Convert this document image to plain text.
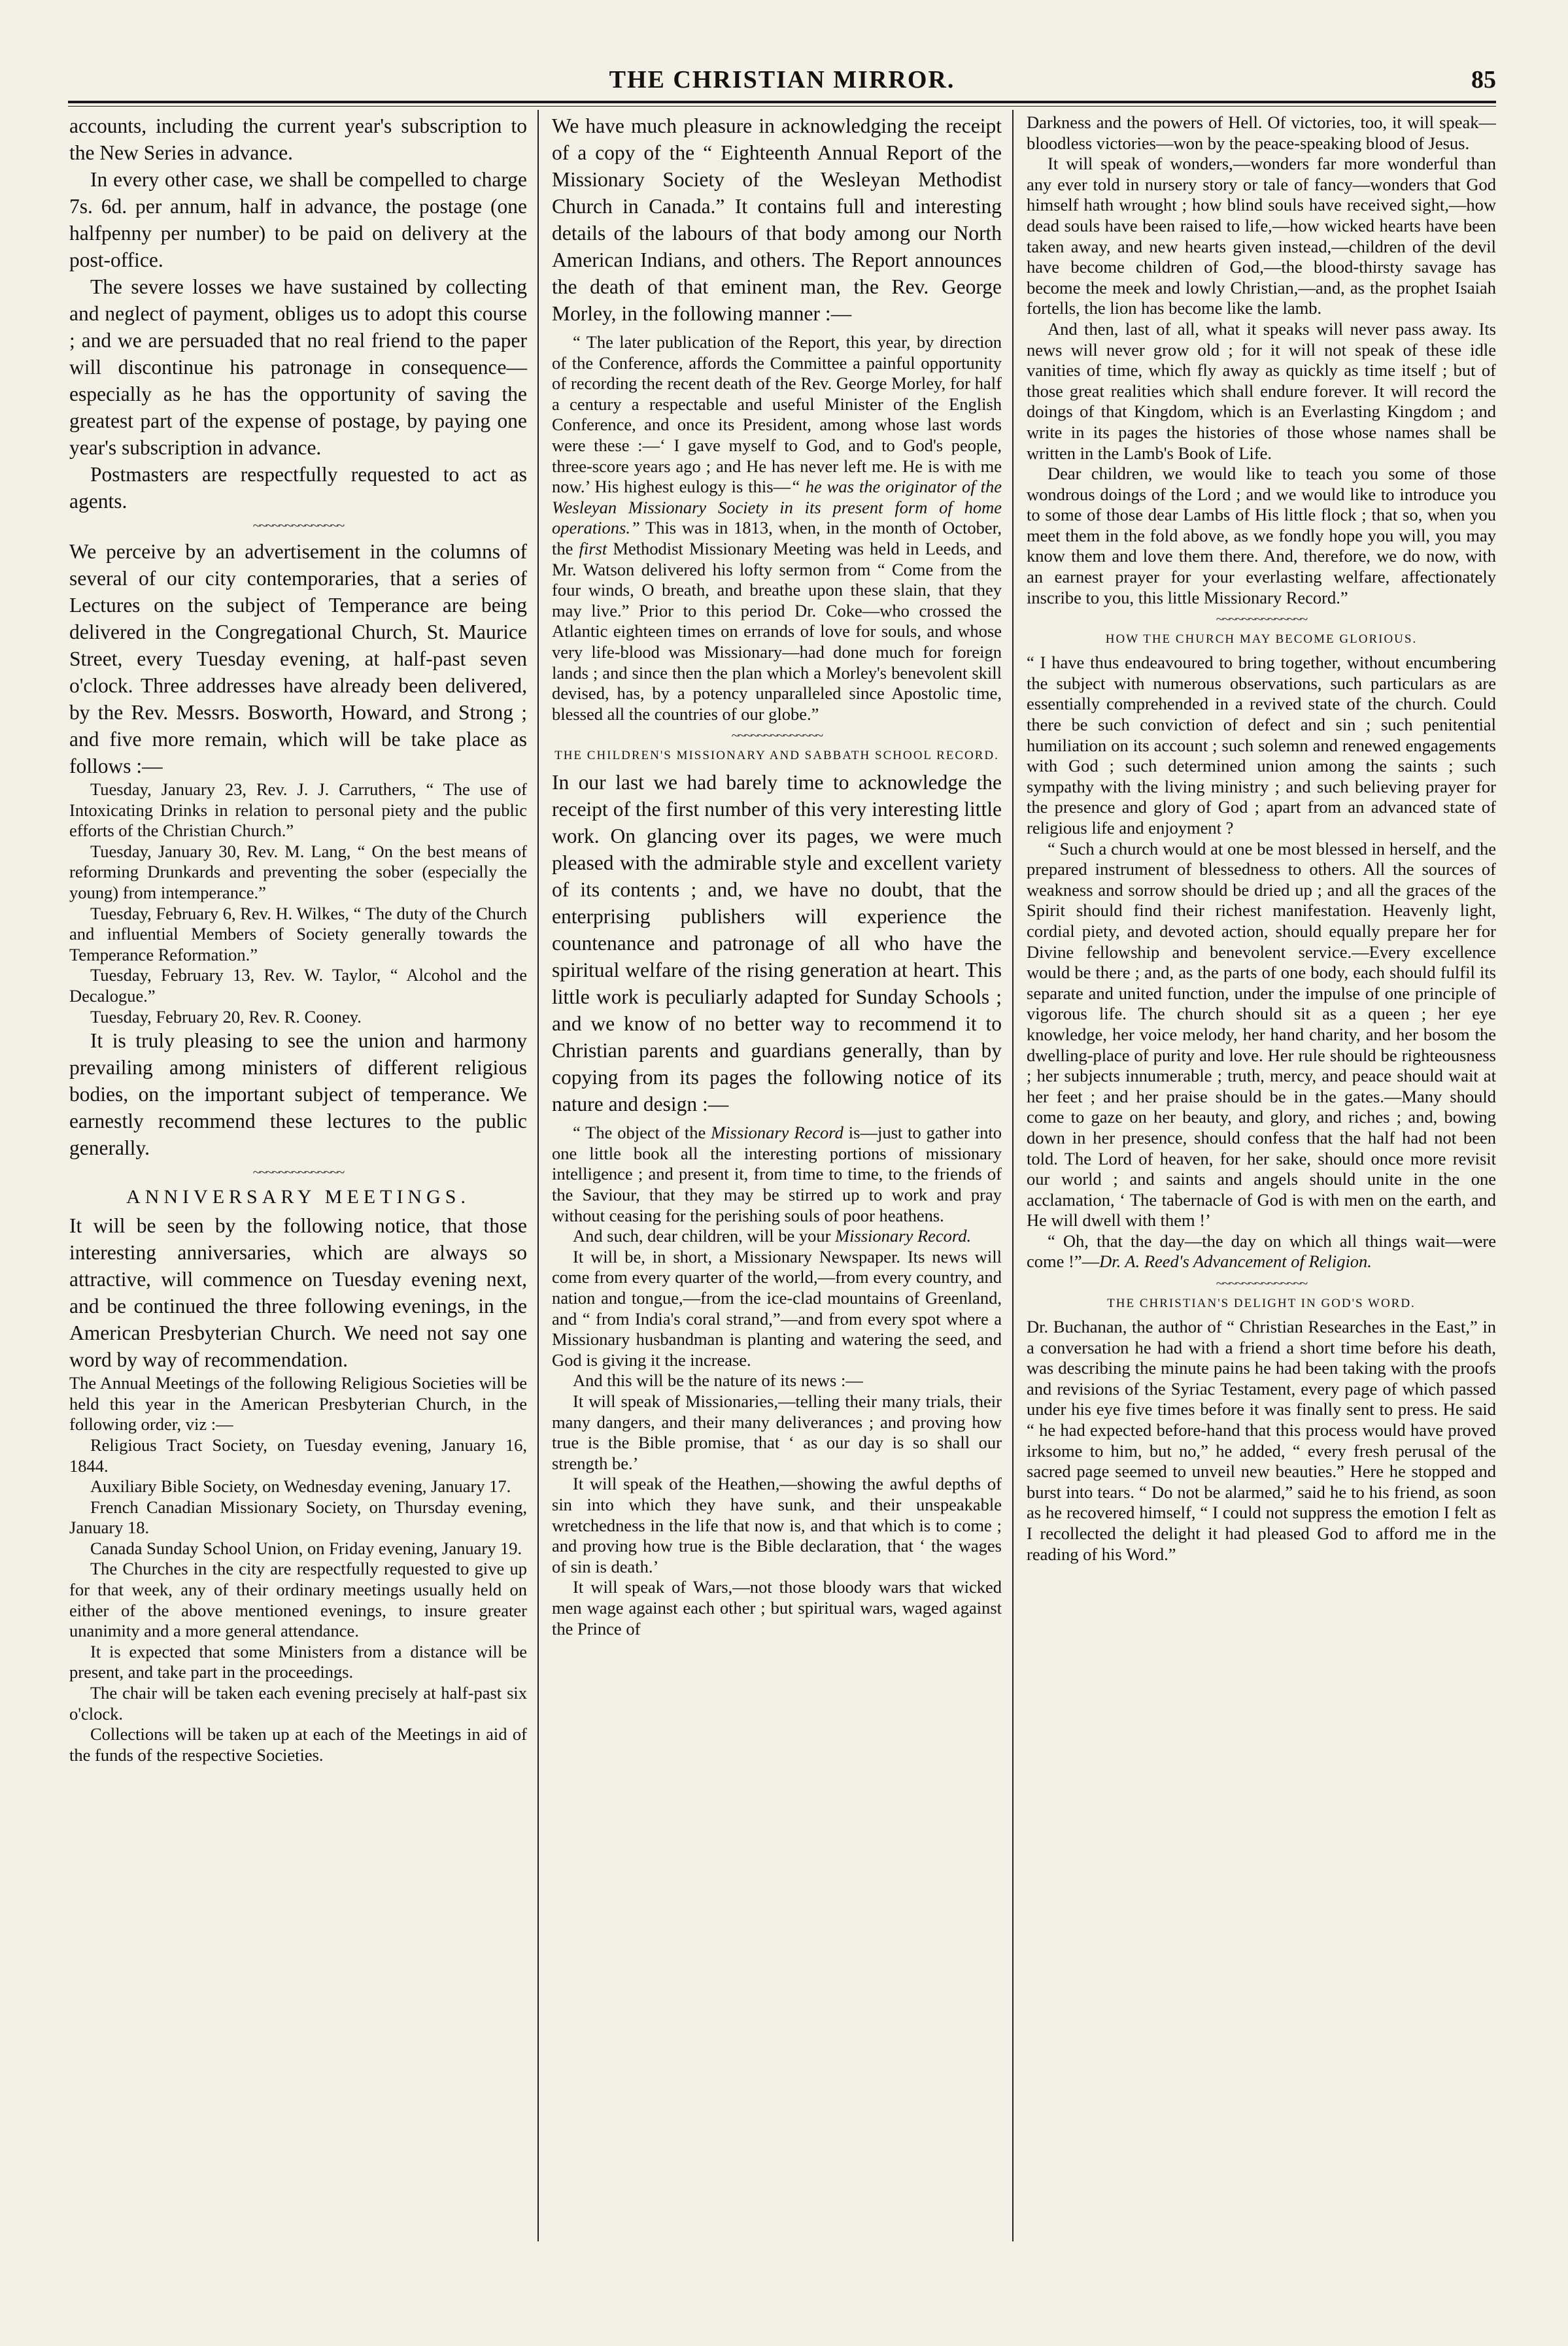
THE CHRISTIAN MIRROR.	85

accounts, including the current year's subscription to the New Series in advance.

In every other case, we shall be compelled to charge 7s. 6d. per annum, half in advance, the postage (one halfpenny per number) to be paid on delivery at the post-office.

The severe losses we have sustained by collecting and neglect of payment, obliges us to adopt this course ; and we are persuaded that no real friend to the paper will discontinue his patronage in consequence—especially as he has the opportunity of saving the greatest part of the expense of postage, by paying one year's subscription in advance.

Postmasters are respectfully requested to act as agents.

~~~~~~~~~~~~~~

We perceive by an advertisement in the columns of several of our city contemporaries, that a series of Lectures on the subject of Temperance are being delivered in the Congregational Church, St. Maurice Street, every Tuesday evening, at half-past seven o'clock. Three addresses have already been delivered, by the Rev. Messrs. Bosworth, Howard, and Strong ; and five more remain, which will be take place as follows :—

Tuesday, January 23, Rev. J. J. Carruthers, “ The use of Intoxicating Drinks in relation to personal piety and the public efforts of the Christian Church.”

Tuesday, January 30, Rev. M. Lang, “ On the best means of reforming Drunkards and preventing the sober (especially the young) from intemperance.”

Tuesday, February 6, Rev. H. Wilkes, “ The duty of the Church and influential Members of Society generally towards the Temperance Reformation.”

Tuesday, February 13, Rev. W. Taylor, “ Alcohol and the Decalogue.”

Tuesday, February 20, Rev. R. Cooney.

It is truly pleasing to see the union and harmony prevailing among ministers of different religious bodies, on the important subject of temperance. We earnestly recommend these lectures to the public generally.

~~~~~~~~~~~~~~
ANNIVERSARY MEETINGS.

It will be seen by the following notice, that those interesting anniversaries, which are always so attractive, will commence on Tuesday evening next, and be continued the three following evenings, in the American Presbyterian Church. We need not say one word by way of recommendation.

The Annual Meetings of the following Religious Societies will be held this year in the American Presbyterian Church, in the following order, viz :—

Religious Tract Society, on Tuesday evening, January 16, 1844.

Auxiliary Bible Society, on Wednesday evening, January 17.

French Canadian Missionary Society, on Thursday evening, January 18.

Canada Sunday School Union, on Friday evening, January 19.

The Churches in the city are respectfully requested to give up for that week, any of their ordinary meetings usually held on either of the above mentioned evenings, to insure greater unanimity and a more general attendance.

It is expected that some Ministers from a distance will be present, and take part in the proceedings.

The chair will be taken each evening precisely at half-past six o'clock.

Collections will be taken up at each of the Meetings in aid of the funds of the respective Societies.

We have much pleasure in acknowledging the receipt of a copy of the “ Eighteenth Annual Report of the Missionary Society of the Wesleyan Methodist Church in Canada.” It contains full and interesting details of the labours of that body among our North American Indians, and others. The Report announces the death of that eminent man, the Rev. George Morley, in the following manner :—

“ The later publication of the Report, this year, by direction of the Conference, affords the Committee a painful opportunity of recording the recent death of the Rev. George Morley, for half a century a respectable and useful Minister of the English Conference, and once its President, among whose last words were these :—‘ I gave myself to God, and to God's people, three-score years ago ; and He has never left me. He is with me now.’ His highest eulogy is this—“ he was the originator of the Wesleyan Missionary Society in its present form of home operations.” This was in 1813, when, in the month of October, the first Methodist Missionary Meeting was held in Leeds, and Mr. Watson delivered his lofty sermon from “ Come from the four winds, O breath, and breathe upon these slain, that they may live.” Prior to this period Dr. Coke—who crossed the Atlantic eighteen times on errands of love for souls, and whose very life-blood was Missionary—had done much for foreign lands ; and since then the plan which a Morley's benevolent skill devised, has, by a potency unparalleled since Apostolic time, blessed all the countries of our globe.”

~~~~~~~~~~~~~~
THE CHILDREN'S MISSIONARY AND SABBATH SCHOOL RECORD.

In our last we had barely time to acknowledge the receipt of the first number of this very interesting little work. On glancing over its pages, we were much pleased with the admirable style and excellent variety of its contents ; and, we have no doubt, that the enterprising publishers will experience the countenance and patronage of all who have the spiritual welfare of the rising generation at heart. This little work is peculiarly adapted for Sunday Schools ; and we know of no better way to recommend it to Christian parents and guardians generally, than by copying from its pages the following notice of its nature and design :—

“ The object of the Missionary Record is—just to gather into one little book all the interesting portions of missionary intelligence ; and present it, from time to time, to the friends of the Saviour, that they may be stirred up to work and pray without ceasing for the perishing souls of poor heathens.

And such, dear children, will be your Missionary Record.

It will be, in short, a Missionary Newspaper. Its news will come from every quarter of the world,—from every country, and nation and tongue,—from the ice-clad mountains of Greenland, and “ from India's coral strand,”—and from every spot where a Missionary husbandman is planting and watering the seed, and God is giving it the increase.

And this will be the nature of its news :—

It will speak of Missionaries,—telling their many trials, their many dangers, and their many deliverances ; and proving how true is the Bible promise, that ‘ as our day is so shall our strength be.’

It will speak of the Heathen,—showing the awful depths of sin into which they have sunk, and their unspeakable wretchedness in the life that now is, and that which is to come ; and proving how true is the Bible declaration, that ‘ the wages of sin is death.’

It will speak of Wars,—not those bloody wars that wicked men wage against each other ; but spiritual wars, waged against the Prince of

Darkness and the powers of Hell. Of victories, too, it will speak—bloodless victories—won by the peace-speaking blood of Jesus.

It will speak of wonders,—wonders far more wonderful than any ever told in nursery story or tale of fancy—wonders that God himself hath wrought ; how blind souls have received sight,—how dead souls have been raised to life,—how wicked hearts have been taken away, and new hearts given instead,—children of the devil have become children of God,—the blood-thirsty savage has become the meek and lowly Christian,—and, as the prophet Isaiah fortells, the lion has become like the lamb.

And then, last of all, what it speaks will never pass away. Its news will never grow old ; for it will not speak of these idle vanities of time, which fly away as quickly as time itself ; but of those great realities which shall endure forever. It will record the doings of that Kingdom, which is an Everlasting Kingdom ; and write in its pages the histories of those whose names shall be written in the Lamb's Book of Life.

Dear children, we would like to teach you some of those wondrous doings of the Lord ; and we would like to introduce you to some of those dear Lambs of His little flock ; that so, when you meet them in the fold above, as we fondly hope you will, you may know them and love them there. And, therefore, we do now, with an earnest prayer for your everlasting welfare, affectionately inscribe to you, this little Missionary Record.”

~~~~~~~~~~~~~~
HOW THE CHURCH MAY BECOME GLORIOUS.

“ I have thus endeavoured to bring together, without encumbering the subject with numerous observations, such particulars as are essentially comprehended in a revived state of the church. Could there be such conviction of defect and sin ; such penitential humiliation on its account ; such solemn and renewed engagements with God ; such determined union among the saints ; such sympathy with the living ministry ; and such believing prayer for the presence and glory of God ; apart from an advanced state of religious life and enjoyment ?

“ Such a church would at one be most blessed in herself, and the prepared instrument of blessedness to others. All the sources of weakness and sorrow should be dried up ; and all the graces of the Spirit should find their richest manifestation. Heavenly light, cordial piety, and devoted action, should equally prepare her for Divine fellowship and benevolent service.—Every excellence would be there ; and, as the parts of one body, each should fulfil its separate and united function, under the impulse of one principle of vigorous life. The church should sit as a queen ; her eye knowledge, her voice melody, her hand charity, and her bosom the dwelling-place of purity and love. Her rule should be righteousness ; her subjects innumerable ; truth, mercy, and peace should wait at her feet ; and her praise should be in the gates.—Many should come to gaze on her beauty, and glory, and riches ; and, bowing down in her presence, should confess that the half had not been told. The Lord of heaven, for her sake, should once more revisit our world ; and saints and angels should unite in the one acclamation, ‘ The tabernacle of God is with men on the earth, and He will dwell with them !’

“ Oh, that the day—the day on which all things wait—were come !”—Dr. A. Reed's Advancement of Religion.

~~~~~~~~~~~~~~
THE CHRISTIAN'S DELIGHT IN GOD'S WORD.

Dr. Buchanan, the author of “ Christian Researches in the East,” in a conversation he had with a friend a short time before his death, was describing the minute pains he had been taking with the proofs and revisions of the Syriac Testament, every page of which passed under his eye five times before it was finally sent to press. He said “ he had expected before-hand that this process would have proved irksome to him, but no,” he added, “ every fresh perusal of the sacred page seemed to unveil new beauties.” Here he stopped and burst into tears. “ Do not be alarmed,” said he to his friend, as soon as he recovered himself, “ I could not suppress the emotion I felt as I recollected the delight it had pleased God to afford me in the reading of his Word.”
